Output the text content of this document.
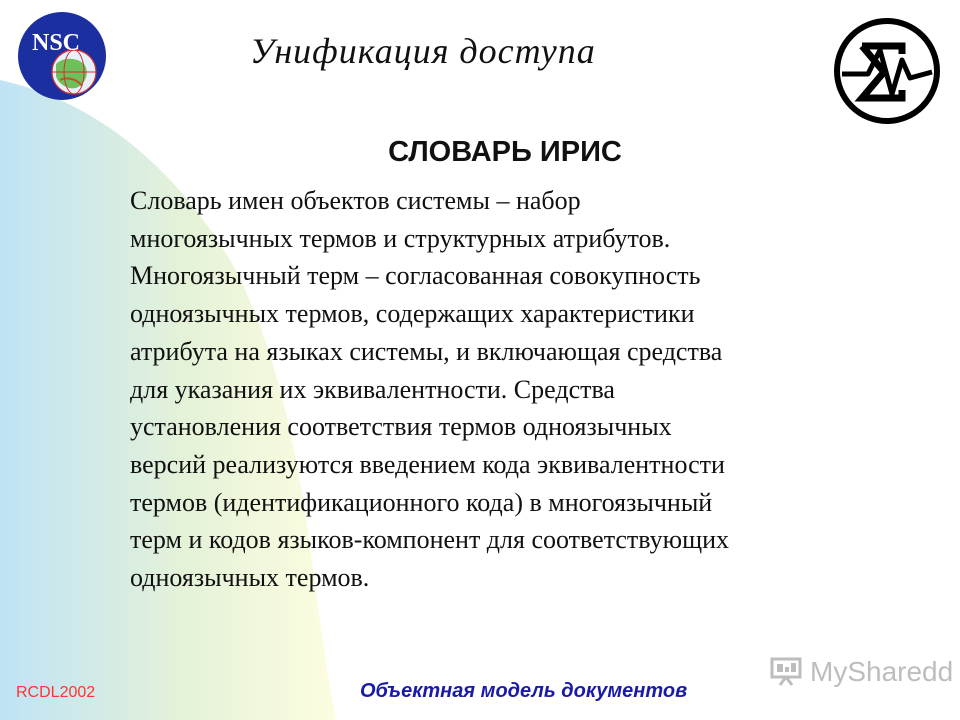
NSC	Унификация доступа
СЛОВАРЬ ИРИС
Словарь имен объектов системы – набор
многоязычных термов и структурных атрибутов.
Многоязычный терм – согласованная совокупность
одноязычных термов, содержащих характеристики
атрибута на языках системы, и включающая средства
для указания их эквивалентности. Средства
установления соответствия термов одноязычных
версий реализуются введением кода эквивалентности
термов (идентификационного кода) в многоязычный
терм и кодов языков-компонент для соответствующих
одноязычных термов.
RCDL2002	Объектная модель документов
MySharedd
